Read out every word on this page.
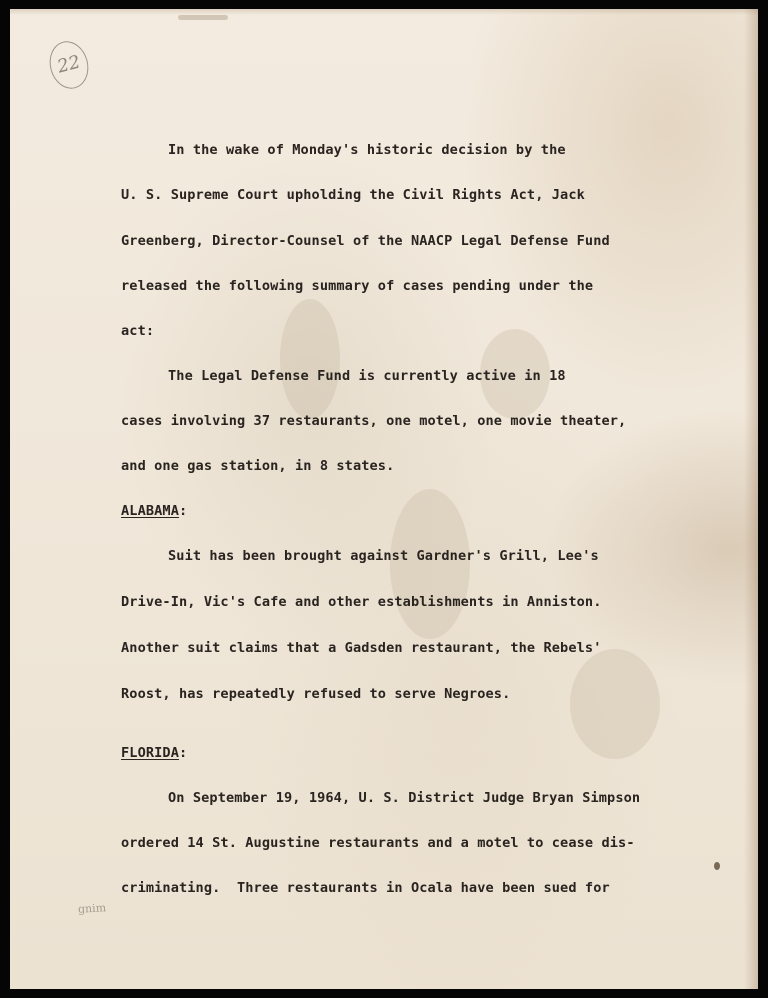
22
In the wake of Monday's historic decision by the
U. S. Supreme Court upholding the Civil Rights Act, Jack
Greenberg, Director-Counsel of the NAACP Legal Defense Fund
released the following summary of cases pending under the
act:
The Legal Defense Fund is currently active in 18
cases involving 37 restaurants, one motel, one movie theater,
and one gas station, in 8 states.
ALABAMA:
Suit has been brought against Gardner's Grill, Lee's
Drive-In, Vic's Cafe and other establishments in Anniston.
Another suit claims that a Gadsden restaurant, the Rebels'
Roost, has repeatedly refused to serve Negroes.
FLORIDA:
On September 19, 1964, U. S. District Judge Bryan Simpson
ordered 14 St. Augustine restaurants and a motel to cease dis-
criminating.  Three restaurants in Ocala have been sued for
gnim
